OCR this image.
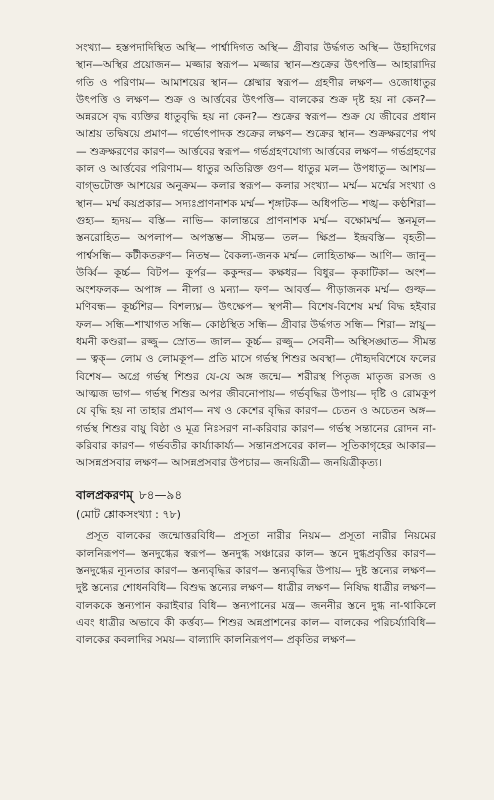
সংখ্যা— হস্তপদাদিস্থিত অস্থি— পার্শ্বাদিগত অস্থি— গ্রীবার উর্দ্ধগত অস্থি— উহাদিগের স্থান—অস্থির প্রয়োজন— মজ্জার স্বরূপ— মজ্জার স্থান—শুক্রের উৎপত্তি— আহারাদির গতি ও পরিণাম— আমাশয়ের স্থান— শ্লেষ্মার স্বরূপ— গ্রহণীর লক্ষণ— ওজোধাতুর উৎপত্তি ও লক্ষণ— শুক্র ও আর্ত্তবের উৎপত্তি— বালকের শুক্র দৃষ্ট হয় না কেন?— অন্নরসে বৃদ্ধ ব্যক্তির ধাতুবৃদ্ধি হয় না কেন?— শুক্রের স্বরূপ— শুক্র যে জীবের প্রধান আশ্রয় তদ্বিষয়ে প্রমাণ— গর্ভোৎপাদক শুক্রের লক্ষণ— শুক্রের স্থান— শুক্রক্ষরণের পথ— শুক্রক্ষরণের কারণ— আর্ত্তবের স্বরূপ— গর্ভগ্রহণযোগ্য আর্ত্তবের লক্ষণ— গর্ভগ্রহণের কাল ও আর্ত্তবের পরিণাম— ধাতুর অতিরিক্ত গুণ— ধাতুর মল— উপধাতু— আশয়— বাগ্ভটোক্ত আশয়ের অনুক্রম— কলার স্বরূপ— কলার সংখ্যা— মর্ম্ম— মর্ম্মের সংখ্যা ও স্থান— মর্ম্ম কয়প্রকার— সদ্যঃপ্রাণনাশক মর্ম্ম— শৃঙ্গাটক— অধিপতি— শঙ্খ— কণ্ঠশিরা— গুহ্য— হৃদয়— বস্তি— নাভি— কালান্তরে প্রাণনাশক মর্ম্ম— বক্ষোমর্ম্ম— স্তনমূল— স্তনরোহিত— অপলাপ— অপস্তম্ভ— সীমন্ত— তল— ক্ষিপ্র— ইন্দ্রবস্তি— বৃহতী— পার্শ্বসন্ধি— কটীকতরুণ— নিতম্ব— বৈকল্য-জনক মর্ম্ম— লোহিতাক্ষ— আণি— জানু— উর্ব্বি— কূর্চ্চ— বিটপ— কূর্পর— ককুন্দর— কক্ষধর— বিধুর— কৃকাটিকা— অংশ— অংশফলক— অপাঙ্গ — নীলা ও মন্যা— ফণ— আবর্ত্ত— পীড়াজনক মর্ম্ম— গুল্ফ— মণিবন্ধ— কূর্চ্চশির— বিশল্যঘ্ন— উৎক্ষেপ— স্থপনী— বিশেষ-বিশেষ মর্ম্ম বিদ্ধ হইবার ফল— সন্ধি—শাখাগত সন্ধি— কোষ্ঠস্থিত সন্ধি— গ্রীবার উর্দ্ধগত সন্ধি— শিরা— স্নায়ু— ধমনী কণ্ডরা— রজ্জু— স্রোত— জাল— কূর্চ্চ— রজ্জু— সেবনী— অস্থিসঙ্ঘাত— সীমন্ত— ত্বক্— লোম ও লোমকূপ— প্রতি মাসে গর্ভস্থ শিশুর অবস্থা— দৌহৃদবিশেষে ফলের বিশেষ— অগ্রে গর্ভস্থ শিশুর যে-যে অঙ্গ জন্মে— শরীরস্থ পিতৃজ মাতৃজ রসজ ও আত্মজ ভাগ— গর্ভস্থ শিশুর অপর জীবনোপায়— গর্ভবৃদ্ধির উপায়— দৃষ্টি ও রোমকূপ যে বৃদ্ধি হয় না তাহার প্রমাণ— নখ ও কেশের বৃদ্ধির কারণ— চেতন ও অচেতন অঙ্গ— গর্ভস্থ শিশুর বায়ু বিষ্ঠা ও মূত্র নিঃসরণ না-করিবার কারণ— গর্ভস্থ সন্তানের রোদন না-করিবার কারণ— গর্ভবতীর কার্য্যাকার্য্য— সন্তানপ্রসবের কাল— সূতিকাগৃহের আকার— আসন্নপ্রসবার লক্ষণ— আসন্নপ্রসবার উপচার— জনয়িত্রী— জনয়িত্রীকৃত্য।

বালপ্রকরণম্ ৮৪—৯৪
(মোট শ্লোকসংখ্যা : ৭৮)

প্রসূত বালকের জন্মোত্তরবিধি— প্রসূতা নারীর নিয়ম— প্রসূতা নারীর নিয়মের কালনিরূপণ— স্তনদুগ্ধের স্বরূপ— স্তনদুগ্ধ সঞ্চারের কাল— স্তনে দুগ্ধপ্রবৃত্তির কারণ— স্তনদুগ্ধের ন্যূনতার কারণ— স্তন্যবৃদ্ধির কারণ— স্তন্যবৃদ্ধির উপায়— দুষ্ট স্তন্যের লক্ষণ— দুষ্ট স্তন্যের শোধনবিধি— বিশুদ্ধ স্তন্যের লক্ষণ— ধাত্রীর লক্ষণ— নিষিদ্ধ ধাত্রীর লক্ষণ— বালককে স্তন্যপান করাইবার বিধি— স্তন্যপানের মন্ত্র— জননীর স্তনে দুগ্ধ না-থাকিলে এবং ধাত্রীর অভাবে কী কর্ত্তব্য— শিশুর অন্নপ্রাশনের কাল— বালকের পরিচর্য্যাবিধি— বালকের কবলাদির সময়— বাল্যাদি কালনিরূপণ— প্রকৃতির লক্ষণ—
